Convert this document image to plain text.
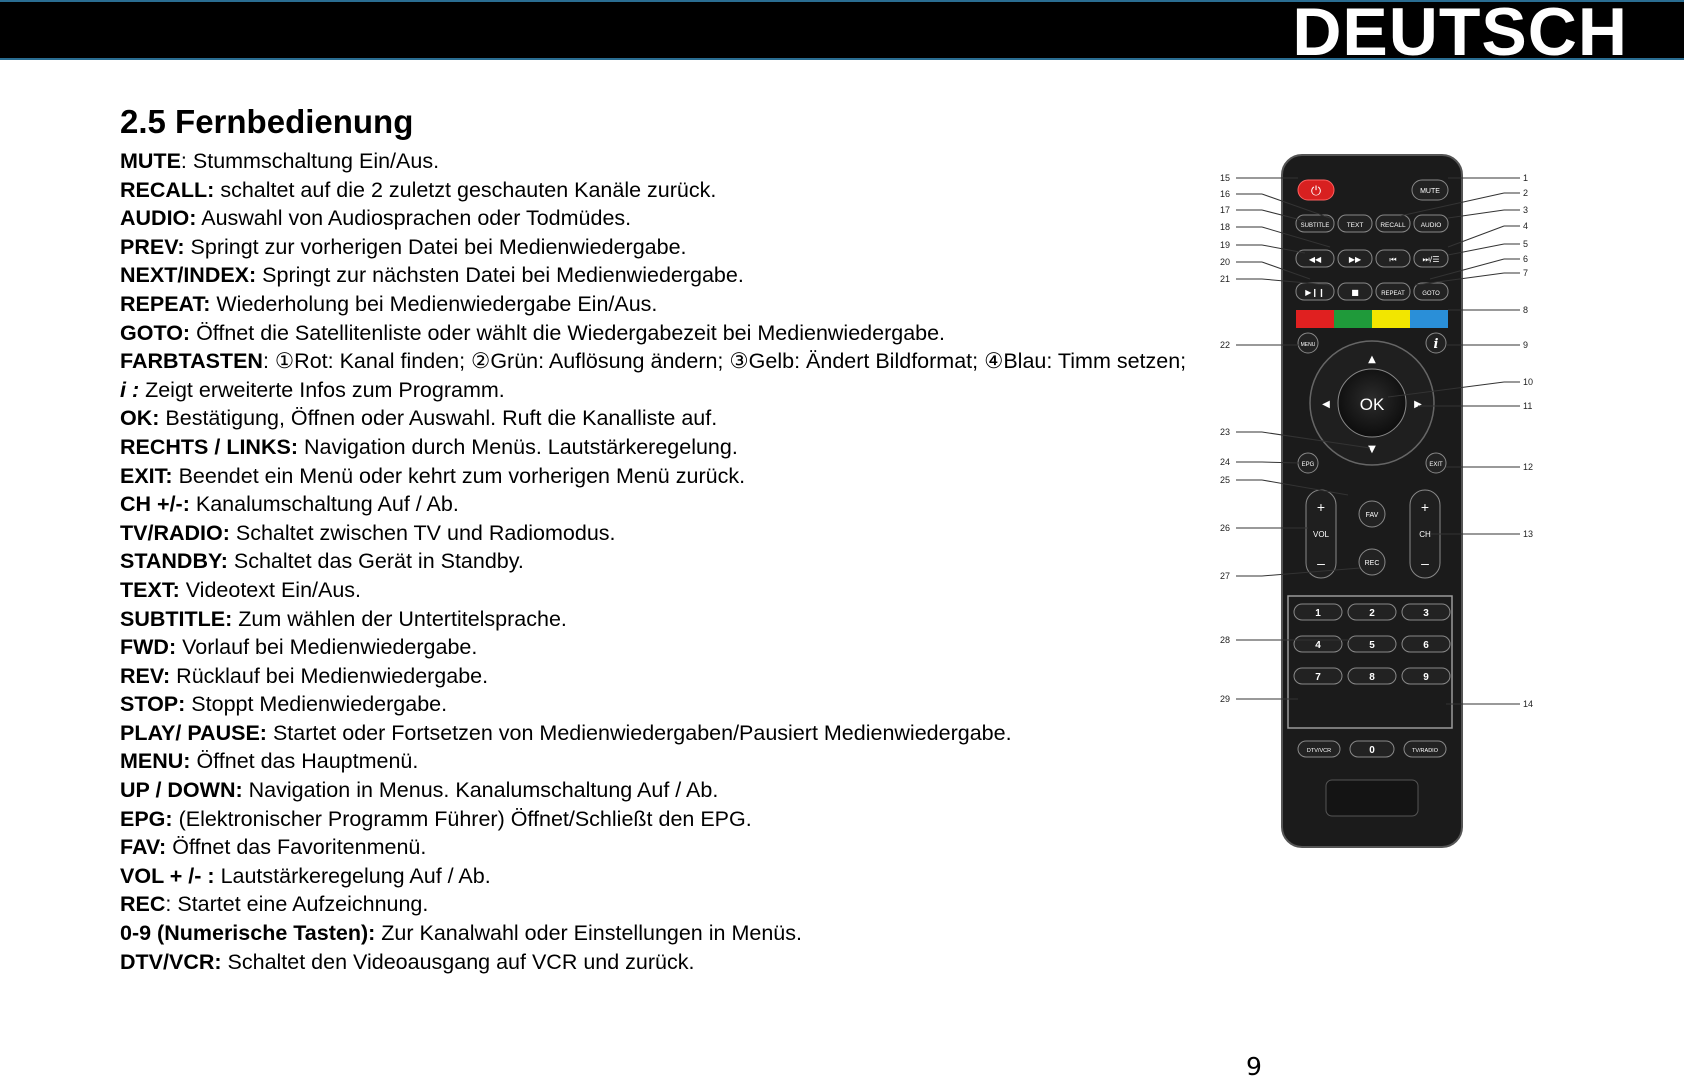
DEUTSCH
2.5 Fernbedienung
MUTE: Stummschaltung Ein/Aus.
RECALL: schaltet auf die 2 zuletzt geschauten Kanäle zurück.
AUDIO: Auswahl von Audiosprachen oder Todmüdes.
PREV: Springt zur vorherigen Datei bei Medienwiedergabe.
NEXT/INDEX: Springt zur nächsten Datei bei Medienwiedergabe.
REPEAT: Wiederholung bei Medienwiedergabe Ein/Aus.
GOTO: Öffnet die Satellitenliste oder wählt die Wiedergabezeit bei Medienwiedergabe.
FARBTASTEN: ①Rot: Kanal finden; ②Grün: Auflösung ändern; ③Gelb: Ändert Bildformat; ④Blau: Timm setzen;
i : Zeigt erweiterte Infos zum Programm.
OK: Bestätigung, Öffnen oder Auswahl. Ruft die Kanalliste auf.
RECHTS / LINKS: Navigation durch Menüs. Lautstärkeregelung.
EXIT: Beendet ein Menü oder kehrt zum vorherigen Menü zurück.
CH +/-: Kanalumschaltung Auf / Ab.
TV/RADIO: Schaltet zwischen TV und Radiomodus.
STANDBY: Schaltet das Gerät in Standby.
TEXT: Videotext Ein/Aus.
SUBTITLE: Zum wählen der Untertitelsprache.
FWD: Vorlauf bei Medienwiedergabe.
REV: Rücklauf bei Medienwiedergabe.
STOP: Stoppt Medienwiedergabe.
PLAY/ PAUSE: Startet oder Fortsetzen von Medienwiedergaben/Pausiert Medienwiedergabe.
MENU: Öffnet das Hauptmenü.
UP / DOWN: Navigation in Menus. Kanalumschaltung Auf / Ab.
EPG: (Elektronischer Programm Führer) Öffnet/Schließt den EPG.
FAV: Öffnet das Favoritenmenü.
VOL + /- : Lautstärkeregelung Auf / Ab.
REC: Startet eine Aufzeichnung.
0-9 (Numerische Tasten): Zur Kanalwahl oder Einstellungen in Menüs.
DTV/VCR: Schaltet den Videoausgang auf VCR und zurück.
⏻	MUTE
SUBTITLE	TEXT	RECALL AUDIO
◀◀	▶▶	⏮	⏭/☰
▶❙❙	■	REPEAT	GOTO
MENU	i
OK
▲
▼
◀	▶
EPG	EXIT
+
VOL
–
+
CH
–
FAV
REC
1	2	3
4	5	6
7	8	9
DTV/VCR	0	TV/RADIO
15
16
17
18
19
20
21
22
23
24
25
26
27
28
29
1
2
3
4
5
6
7
8
9
10
11
12
13
14
9
